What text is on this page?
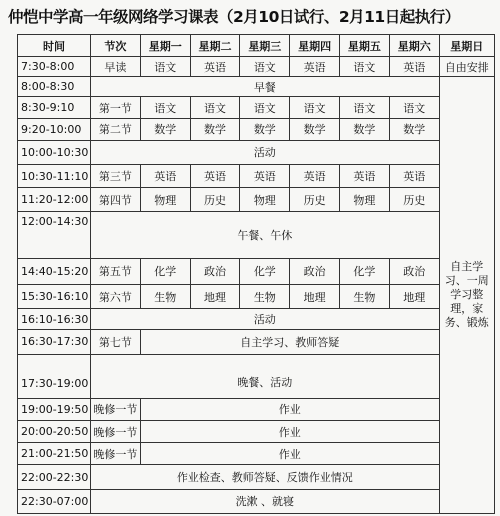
仲恺中学高一年级网络学习课表（2月10日试行、2月11日起执行）
时间	节次	星期一	星期二	星期三	星期四	星期五	星期六	星期日
7:30-8:00	早读	语文	英语	语文	英语	语文	英语	自由安排
8:00-8:30	早餐							自主学习、一周学习整理，家务、锻炼
8:30-9:10	第一节	语文	语文	语文	语文	语文	语文	
9:20-10:00	第二节	数学	数学	数学	数学	数学	数学	
10:00-10:30	活动							
10:30-11:10	第三节	英语	英语	英语	英语	英语	英语	
11:20-12:00	第四节	物理	历史	物理	历史	物理	历史	
12:00-14:30	午餐、午休							
14:40-15:20	第五节	化学	政治	化学	政治	化学	政治	
15:30-16:10	第六节	生物	地理	生物	地理	生物	地理	
16:10-16:30	活动							
16:30-17:30	第七节	自主学习、教师答疑						
17:30-19:00	晚餐、活动							
19:00-19:50	晚修一节	作业						
20:00-20:50	晚修一节	作业						
21:00-21:50	晚修一节	作业						
22:00-22:30	作业检查、教师答疑、反馈作业情况							
22:30-07:00	洗漱 、就寝							
